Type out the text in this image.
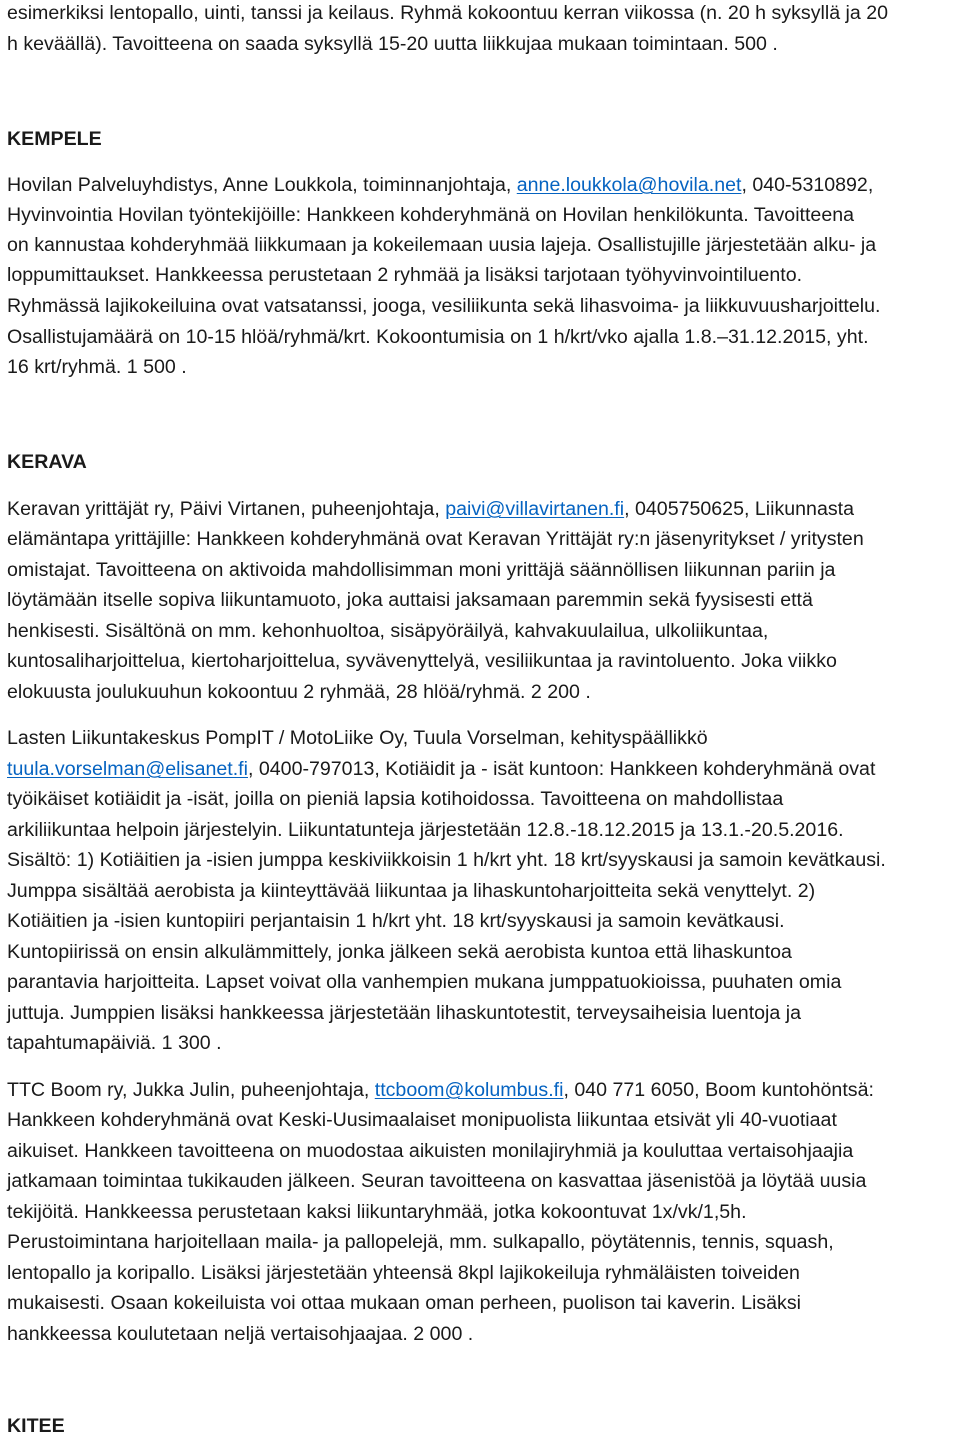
esimerkiksi lentopallo, uinti, tanssi ja keilaus. Ryhmä kokoontuu kerran viikossa (n. 20 h syksyllä ja 20

h keväällä). Tavoitteena on saada syksyllä 15-20 uutta liikkujaa mukaan toimintaan. 500 .

KEMPELE

Hovilan Palveluyhdistys, Anne Loukkola, toiminnanjohtaja, anne.loukkola@hovila.net, 040-5310892,

Hyvinvointia Hovilan työntekijöille: Hankkeen kohderyhmänä on Hovilan henkilökunta. Tavoitteena

on kannustaa kohderyhmää liikkumaan ja kokeilemaan uusia lajeja. Osallistujille järjestetään alku- ja

loppumittaukset. Hankkeessa perustetaan 2 ryhmää ja lisäksi tarjotaan työhyvinvointiluento.

Ryhmässä lajikokeiluina ovat vatsatanssi, jooga, vesiliikunta sekä lihasvoima- ja liikkuvuusharjoittelu.

Osallistujamäärä on 10-15 hlöä/ryhmä/krt. Kokoontumisia on 1 h/krt/vko ajalla 1.8.–31.12.2015, yht.

16 krt/ryhmä. 1 500 .

KERAVA

Keravan yrittäjät ry, Päivi Virtanen, puheenjohtaja, paivi@villavirtanen.fi, 0405750625, Liikunnasta

elämäntapa yrittäjille: Hankkeen kohderyhmänä ovat Keravan Yrittäjät ry:n jäsenyritykset / yritysten

omistajat. Tavoitteena on aktivoida mahdollisimman moni yrittäjä säännöllisen liikunnan pariin ja

löytämään itselle sopiva liikuntamuoto, joka auttaisi jaksamaan paremmin sekä fyysisesti että

henkisesti. Sisältönä on mm. kehonhuoltoa, sisäpyöräilyä, kahvakuulailua, ulkoliikuntaa,

kuntosaliharjoittelua, kiertoharjoittelua, syvävenyttelyä, vesiliikuntaa ja ravintoluento. Joka viikko

elokuusta joulukuuhun kokoontuu 2 ryhmää, 28 hlöä/ryhmä. 2 200 .

Lasten Liikuntakeskus PompIT / MotoLiike Oy, Tuula Vorselman, kehityspäällikkö

tuula.vorselman@elisanet.fi, 0400-797013, Kotiäidit ja - isät kuntoon: Hankkeen kohderyhmänä ovat

työikäiset kotiäidit ja -isät, joilla on pieniä lapsia kotihoidossa. Tavoitteena on mahdollistaa

arkiliikuntaa helpoin järjestelyin. Liikuntatunteja järjestetään 12.8.-18.12.2015 ja 13.1.-20.5.2016.

Sisältö: 1) Kotiäitien ja -isien jumppa keskiviikkoisin 1 h/krt yht. 18 krt/syyskausi ja samoin kevätkausi.

Jumppa sisältää aerobista ja kiinteyttävää liikuntaa ja lihaskuntoharjoitteita sekä venyttelyt. 2)

Kotiäitien ja -isien kuntopiiri perjantaisin 1 h/krt yht. 18 krt/syyskausi ja samoin kevätkausi.

Kuntopiirissä on ensin alkulämmittely, jonka jälkeen sekä aerobista kuntoa että lihaskuntoa

parantavia harjoitteita. Lapset voivat olla vanhempien mukana jumppatuokioissa, puuhaten omia

juttuja. Jumppien lisäksi hankkeessa järjestetään lihaskuntotestit, terveysaiheisia luentoja ja

tapahtumapäiviä. 1 300 .

TTC Boom ry, Jukka Julin, puheenjohtaja, ttcboom@kolumbus.fi, 040 771 6050, Boom kuntohöntsä:

Hankkeen kohderyhmänä ovat Keski-Uusimaalaiset monipuolista liikuntaa etsivät yli 40-vuotiaat

aikuiset. Hankkeen tavoitteena on muodostaa aikuisten monilajiryhmiä ja kouluttaa vertaisohjaajia

jatkamaan toimintaa tukikauden jälkeen. Seuran tavoitteena on kasvattaa jäsenistöä ja löytää uusia

tekijöitä. Hankkeessa perustetaan kaksi liikuntaryhmää, jotka kokoontuvat 1x/vk/1,5h.

Perustoimintana harjoitellaan maila- ja pallopelejä, mm. sulkapallo, pöytätennis, tennis, squash,

lentopallo ja koripallo. Lisäksi järjestetään yhteensä 8kpl lajikokeiluja ryhmäläisten toiveiden

mukaisesti. Osaan kokeiluista voi ottaa mukaan oman perheen, puolison tai kaverin. Lisäksi

hankkeessa koulutetaan neljä vertaisohjaajaa. 2 000 .

KITEE
